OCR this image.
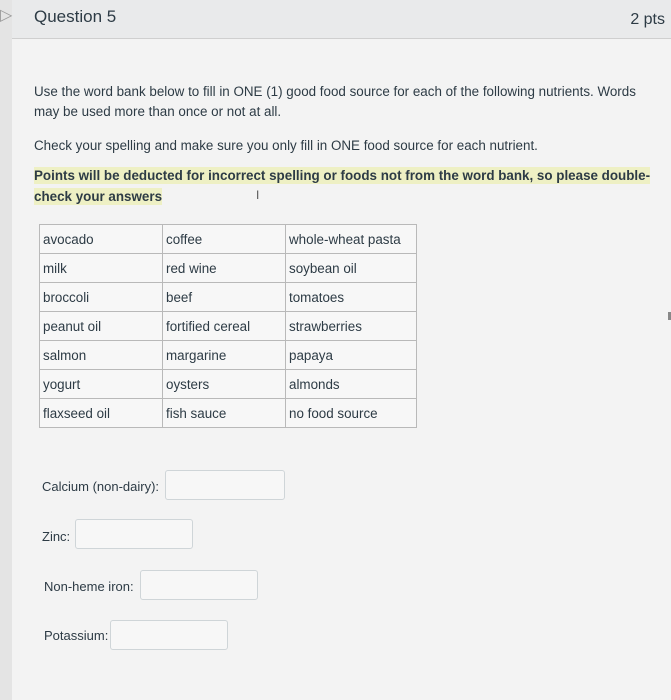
▷ Question 5	2 pts
Use the word bank below to fill in ONE (1) good food source for each of the following nutrients. Words may be used more than once or not at all.
Check your spelling and make sure you only fill in ONE food source for each nutrient.
Points will be deducted for incorrect spelling or foods not from the word bank, so please double-check your answers	I
avocado	coffee	whole-wheat pasta
milk	red wine	soybean oil
broccoli	beef	tomatoes
peanut oil	fortified cereal	strawberries
salmon	margarine	papaya
yogurt	oysters	almonds
flaxseed oil	fish sauce	no food source
Calcium (non-dairy):
Zinc:
Non-heme iron:
Potassium:
